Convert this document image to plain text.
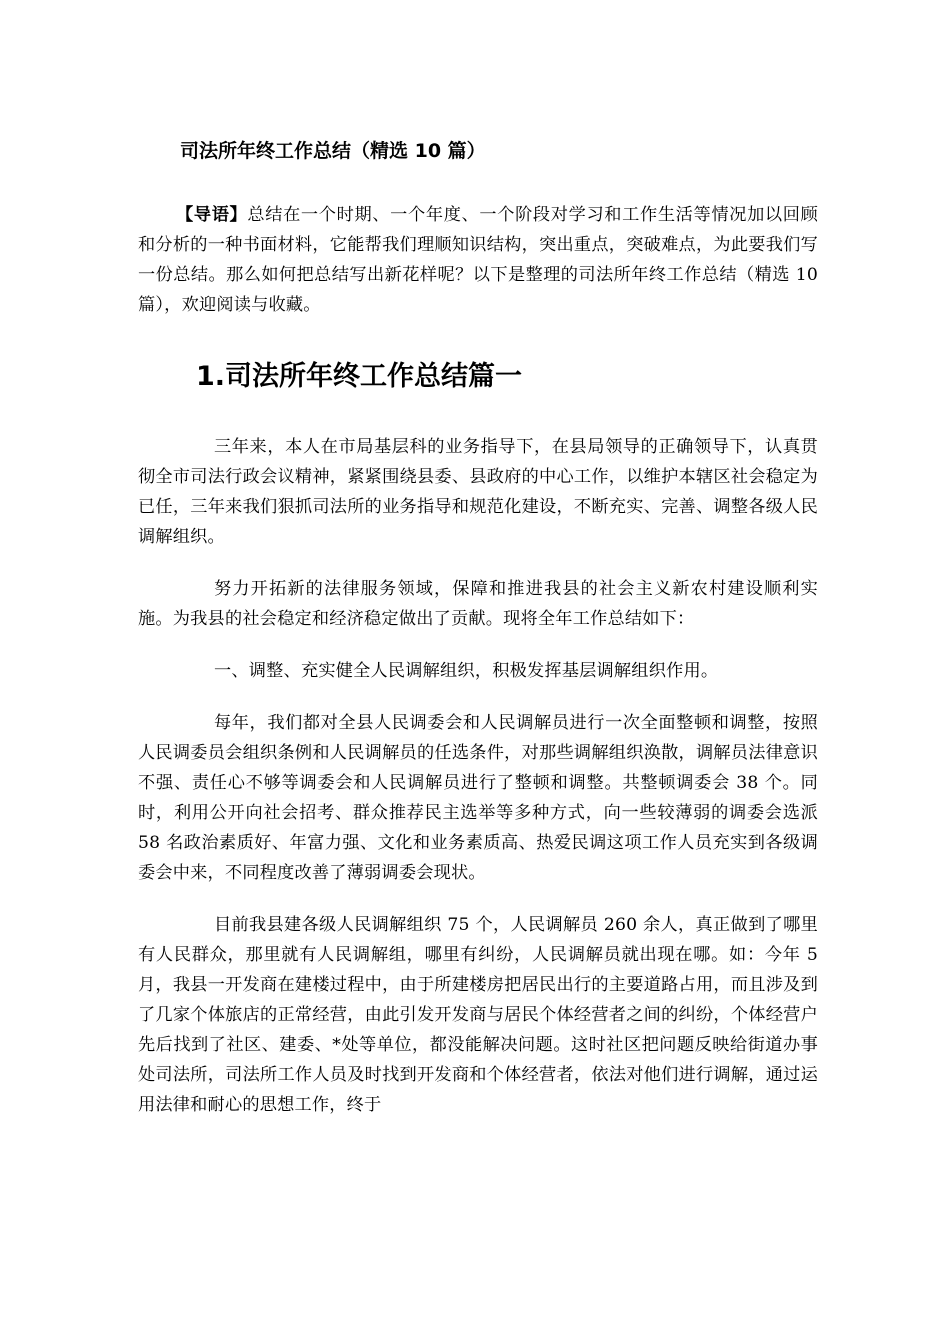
司法所年终工作总结（精选 10 篇）

【导语】总结在一个时期、一个年度、一个阶段对学习和工作生活等情况加以回顾和分析的一种书面材料，它能帮我们理顺知识结构，突出重点，突破难点，为此要我们写一份总结。那么如何把总结写出新花样呢？以下是整理的司法所年终工作总结（精选 10 篇），欢迎阅读与收藏。

1.司法所年终工作总结篇一

三年来，本人在市局基层科的业务指导下，在县局领导的正确领导下，认真贯彻全市司法行政会议精神，紧紧围绕县委、县政府的中心工作，以维护本辖区社会稳定为已任，三年来我们狠抓司法所的业务指导和规范化建设，不断充实、完善、调整各级人民调解组织。

努力开拓新的法律服务领域，保障和推进我县的社会主义新农村建设顺利实施。为我县的社会稳定和经济稳定做出了贡献。现将全年工作总结如下：

一、调整、充实健全人民调解组织，积极发挥基层调解组织作用。

每年，我们都对全县人民调委会和人民调解员进行一次全面整顿和调整，按照人民调委员会组织条例和人民调解员的任选条件，对那些调解组织涣散，调解员法律意识不强、责任心不够等调委会和人民调解员进行了整顿和调整。共整顿调委会 38 个。同时，利用公开向社会招考、群众推荐民主选举等多种方式，向一些较薄弱的调委会选派 58 名政治素质好、年富力强、文化和业务素质高、热爱民调这项工作人员充实到各级调委会中来，不同程度改善了薄弱调委会现状。

目前我县建各级人民调解组织 75 个，人民调解员 260 余人，真正做到了哪里有人民群众，那里就有人民调解组，哪里有纠纷，人民调解员就出现在哪。如：今年 5 月，我县一开发商在建楼过程中，由于所建楼房把居民出行的主要道路占用，而且涉及到了几家个体旅店的正常经营，由此引发开发商与居民个体经营者之间的纠纷，个体经营户先后找到了社区、建委、*处等单位，都没能解决问题。这时社区把问题反映给街道办事处司法所，司法所工作人员及时找到开发商和个体经营者，依法对他们进行调解，通过运用法律和耐心的思想工作，终于
